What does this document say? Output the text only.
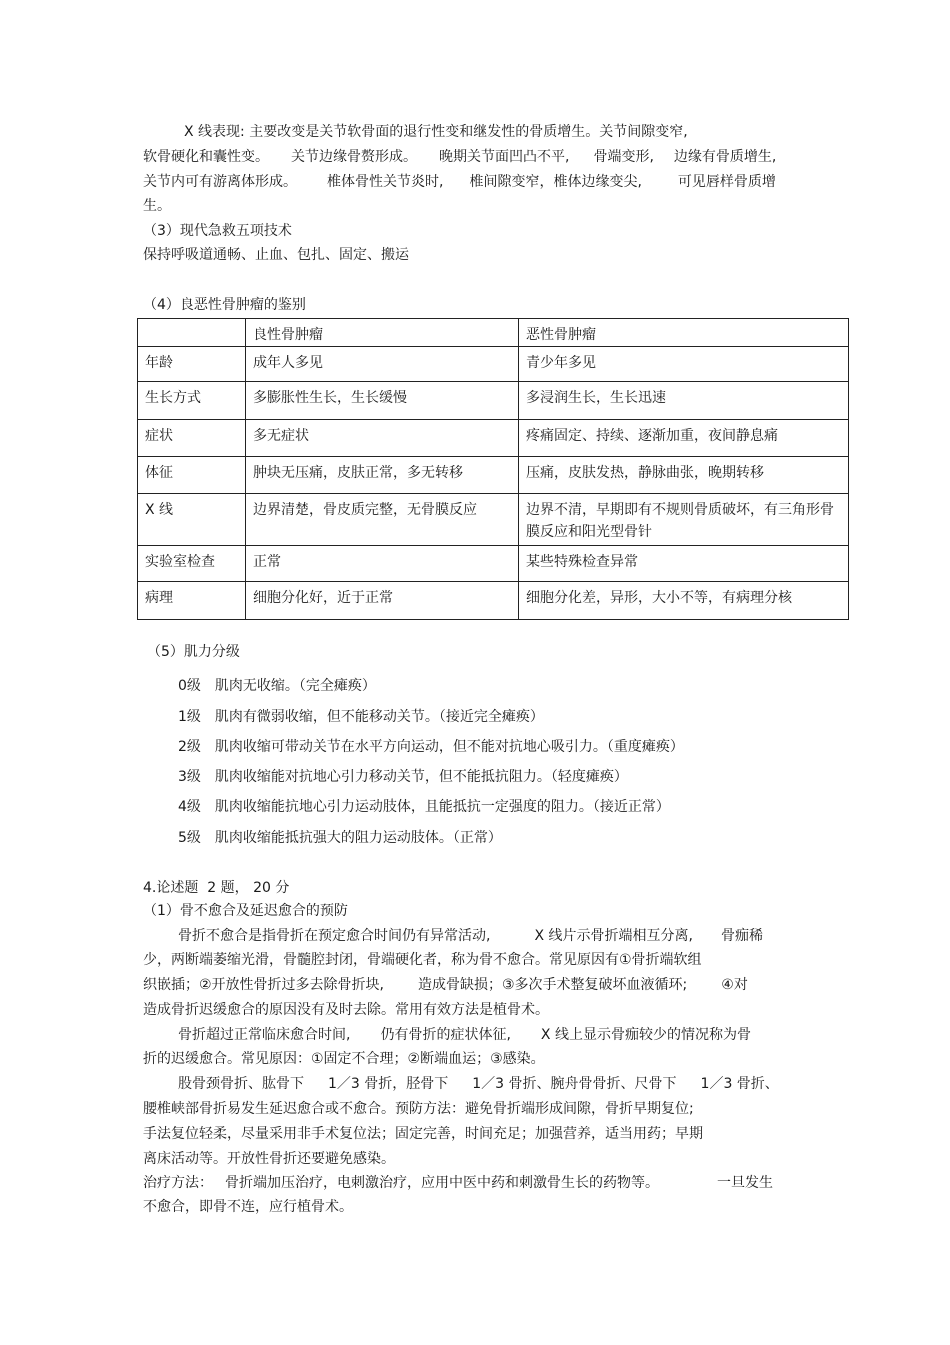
X 线表现: 主要改变是关节软骨面的退行性变和继发性的骨质增生。关节间隙变窄,
软骨硬化和囊性变。 关节边缘骨赘形成。 晚期关节面凹凸不平, 骨端变形, 边缘有骨质增生,
关节内可有游离体形成。 椎体骨性关节炎时, 椎间隙变窄，椎体边缘变尖,	可见唇样骨质增
生。
（3）现代急救五项技术
保持呼吸道通畅、止血、包扎、固定、搬运
（4）良恶性骨肿瘤的鉴别
	良性骨肿瘤	恶性骨肿瘤
年龄	成年人多见	青少年多见
生长方式	多膨胀性生长，生长缓慢	多浸润生长，生长迅速
症状	多无症状	疼痛固定、持续、逐渐加重，夜间静息痛
体征	肿块无压痛，皮肤正常，多无转移	压痛，皮肤发热，静脉曲张，晚期转移
X 线	边界清楚，骨皮质完整，无骨膜反应	边界不清，早期即有不规则骨质破坏，有三角形骨膜反应和阳光型骨针
实验室检查	正常	某些特殊检查异常
病理	细胞分化好，近于正常	细胞分化差，异形，大小不等，有病理分核
（5）肌力分级
0级 肌肉无收缩。（完全瘫痪）
1级 肌肉有微弱收缩，但不能移动关节。（接近完全瘫痪）
2级 肌肉收缩可带动关节在水平方向运动，但不能对抗地心吸引力。（重度瘫痪）
3级 肌肉收缩能对抗地心引力移动关节，但不能抵抗阻力。（轻度瘫痪）
4级 肌肉收缩能抗地心引力运动肢体，且能抵抗一定强度的阻力。（接近正常）
5级 肌肉收缩能抵抗强大的阻力运动肢体。（正常）
4.论述题  2 题， 20 分
（1）骨不愈合及延迟愈合的预防
骨折不愈合是指骨折在预定愈合时间仍有异常活动,	X 线片示骨折端相互分离, 骨痂稀
少，两断端萎缩光滑，骨髓腔封闭，骨端硬化者，称为骨不愈合。常见原因有①骨折端软组
织嵌插；②开放性骨折过多去除骨折块, 造成骨缺损；③多次手术整复破坏血液循环; ④对
造成骨折迟缓愈合的原因没有及时去除。常用有效方法是植骨术。
骨折超过正常临床愈合时间, 仍有骨折的症状体征, X 线上显示骨痂较少的情况称为骨
折的迟缓愈合。常见原因：①固定不合理；②断端血运；③感染。
股骨颈骨折、肱骨下 1／3 骨折，胫骨下 1／3 骨折、腕舟骨骨折、尺骨下 1／3 骨折、
腰椎峡部骨折易发生延迟愈合或不愈合。预防方法：避免骨折端形成间隙，骨折早期复位;
手法复位轻柔，尽量采用非手术复位法；固定完善，时间充足；加强营养，适当用药；早期
离床活动等。开放性骨折还要避免感染。
治疗方法： 骨折端加压治疗，电刺激治疗，应用中医中药和刺激骨生长的药物等。	一旦发生
不愈合，即骨不连，应行植骨术。
